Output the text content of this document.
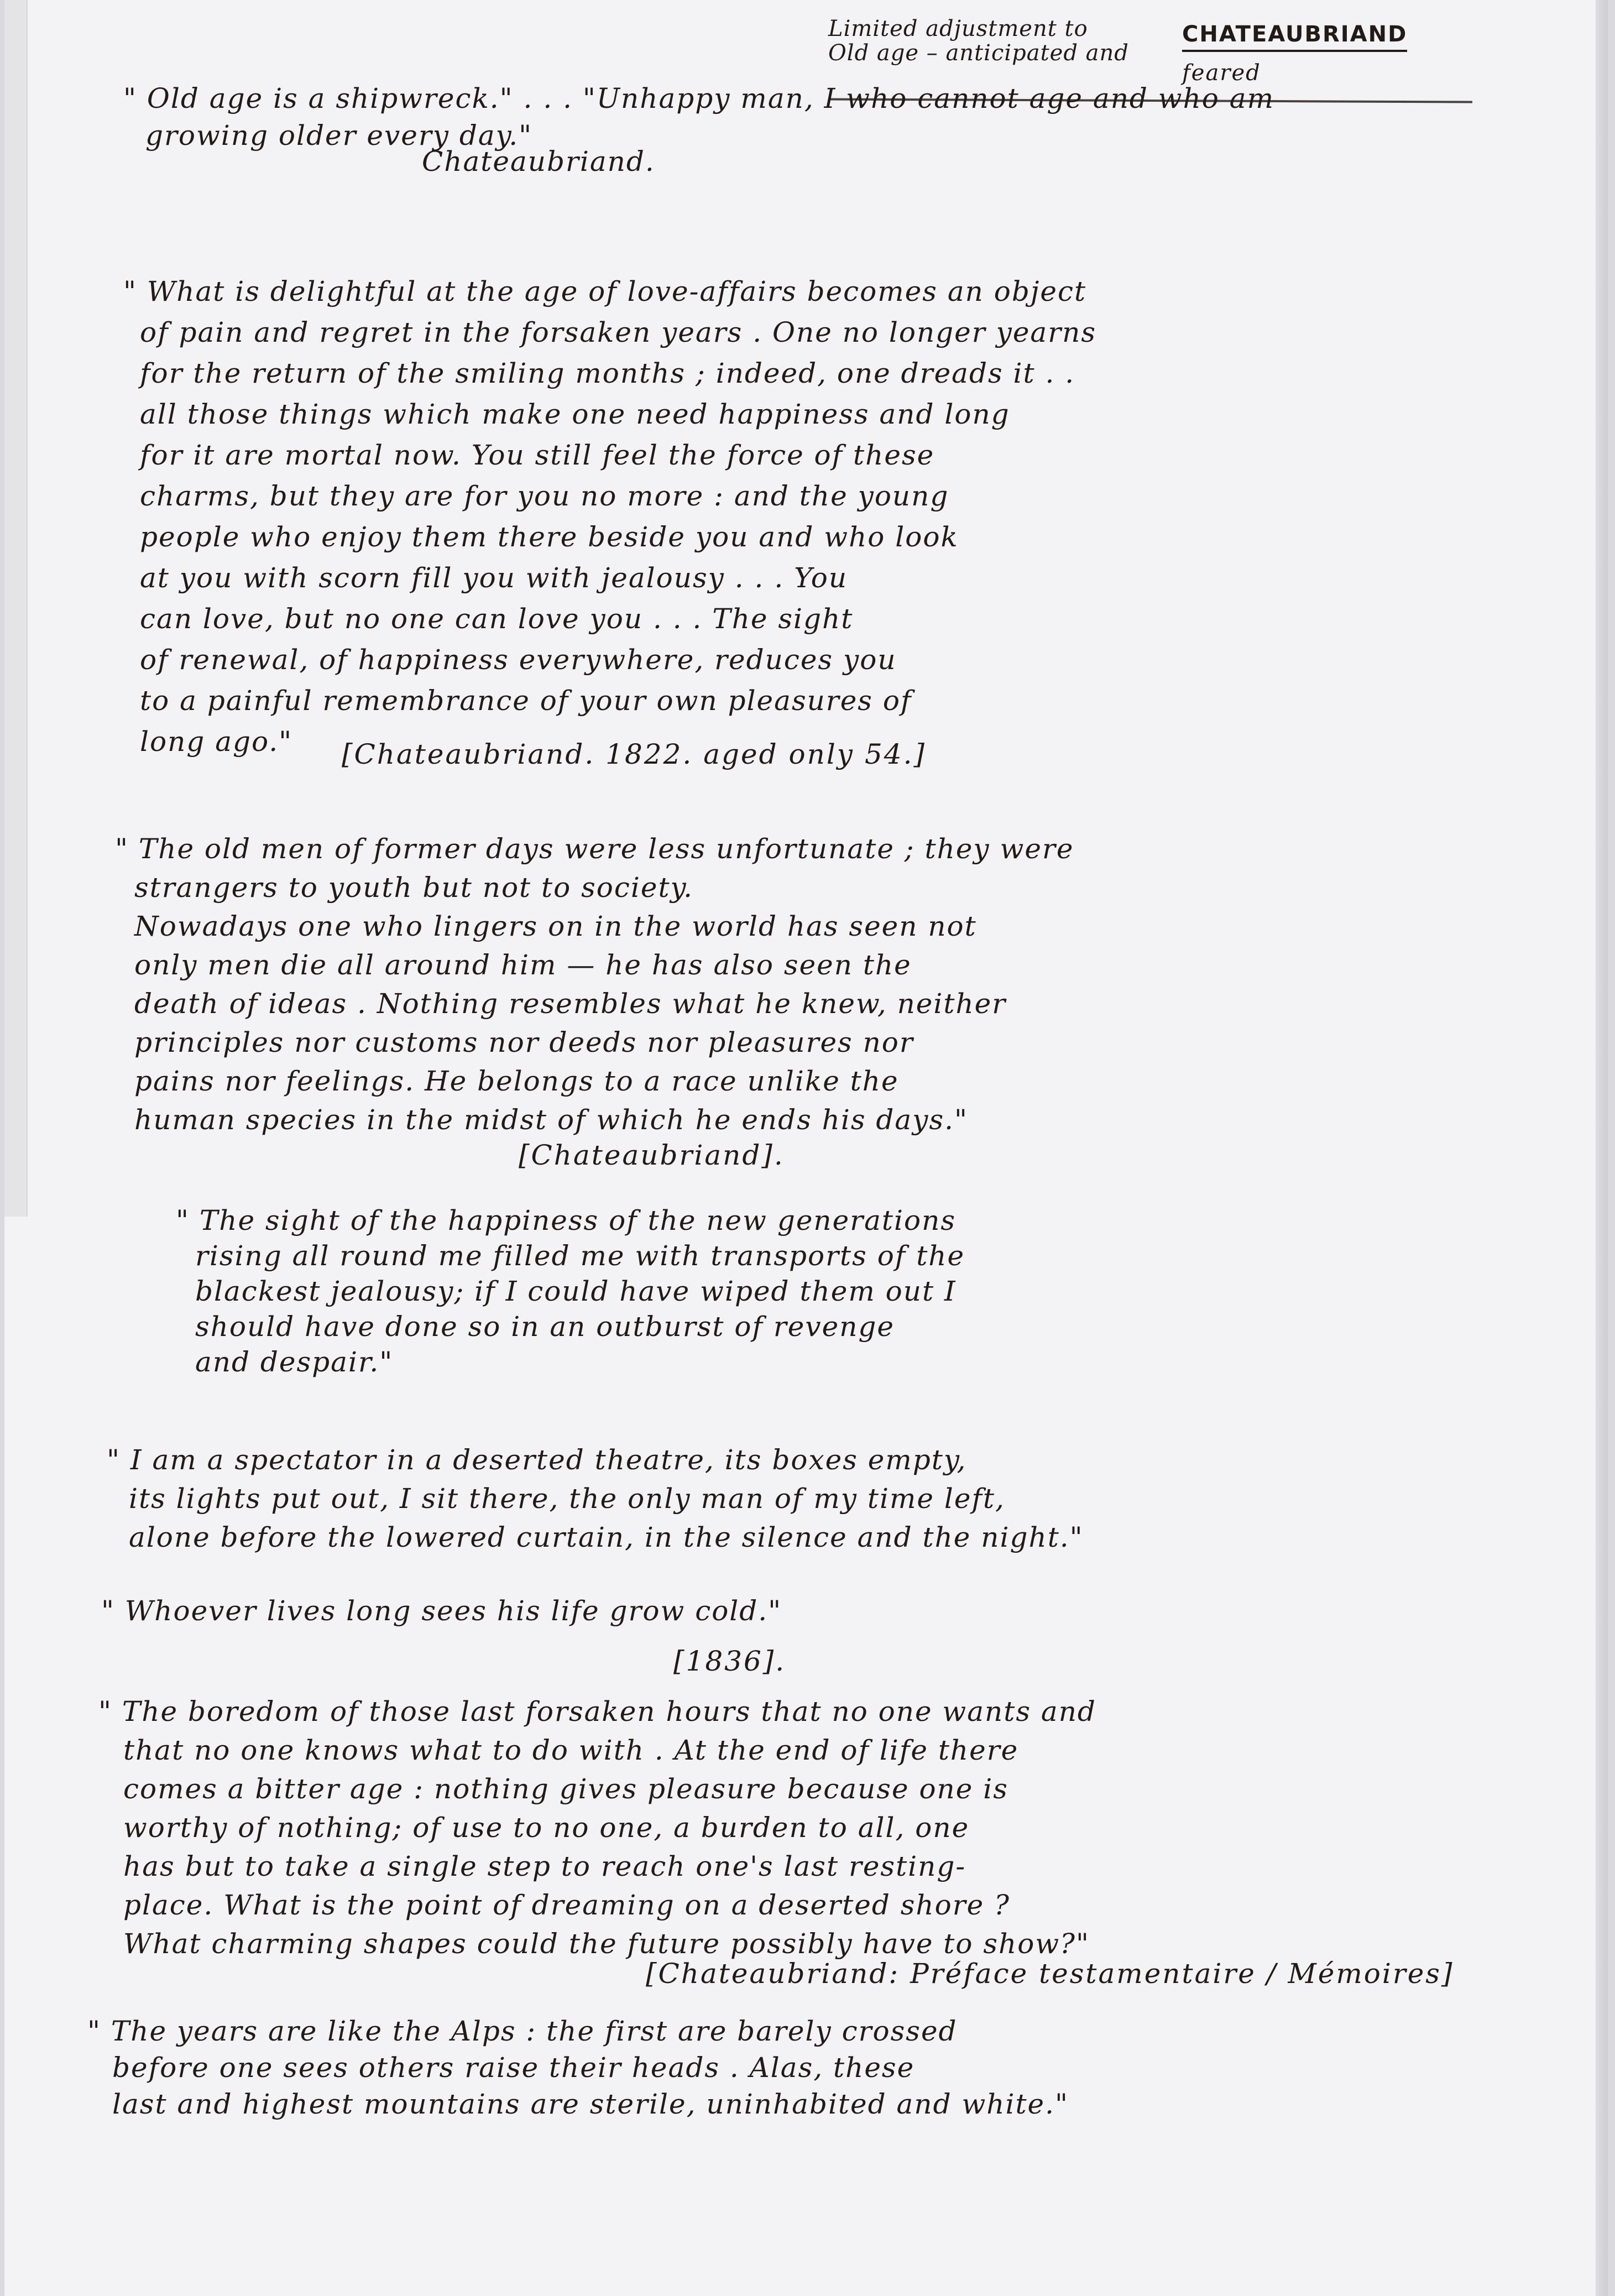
Limited adjustment to
Old age – anticipated and
CHATEAUBRIAND
feared
" Old age is a shipwreck." . . . "Unhappy man, I who cannot age and who am
growing older every day."
Chateaubriand.
" What is delightful at the age of love-affairs becomes an object
of pain and regret in the forsaken years . One no longer yearns
for the return of the smiling months ; indeed, one dreads it . .
all those things which make one need happiness and long
for it are mortal now. You still feel the force of these
charms, but they are for you no more : and the young
people who enjoy them there beside you and who look
at you with scorn fill you with jealousy . . . You
can love, but no one can love you . . . The sight
of renewal, of happiness everywhere, reduces you
to a painful remembrance of your own pleasures of
long ago."	[Chateaubriand. 1822. aged only 54.]
" The old men of former days were less unfortunate ; they were
strangers to youth but not to society.
Nowadays one who lingers on in the world has seen not
only men die all around him — he has also seen the
death of ideas . Nothing resembles what he knew, neither
principles nor customs nor deeds nor pleasures nor
pains nor feelings. He belongs to a race unlike the
human species in the midst of which he ends his days."
[Chateaubriand].
" The sight of the happiness of the new generations
rising all round me filled me with transports of the
blackest jealousy; if I could have wiped them out I
should have done so in an outburst of revenge
and despair."
" I am a spectator in a deserted theatre, its boxes empty,
its lights put out, I sit there, the only man of my time left,
alone before the lowered curtain, in the silence and the night."
" Whoever lives long sees his life grow cold."
[1836].
" The boredom of those last forsaken hours that no one wants and
that no one knows what to do with . At the end of life there
comes a bitter age : nothing gives pleasure because one is
worthy of nothing; of use to no one, a burden to all, one
has but to take a single step to reach one's last resting-
place. What is the point of dreaming on a deserted shore ?
What charming shapes could the future possibly have to show?"
[Chateaubriand: Préface testamentaire / Mémoires]
" The years are like the Alps : the first are barely crossed
before one sees others raise their heads . Alas, these
last and highest mountains are sterile, uninhabited and white."
